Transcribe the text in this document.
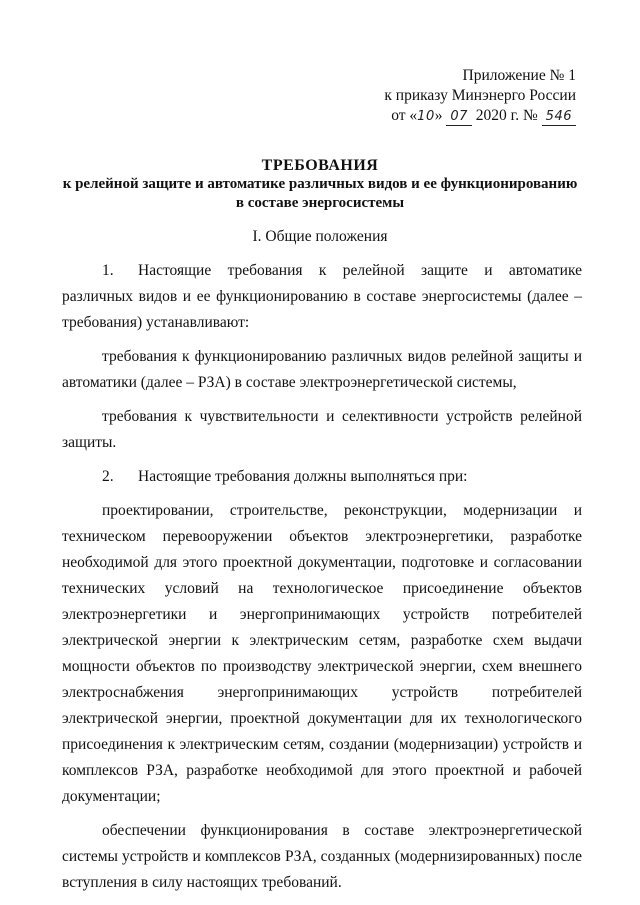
Приложение № 1
к приказу Минэнерго России
от «10» 07 2020 г. № 546
ТРЕБОВАНИЯ
к релейной защите и автоматике различных видов и ее функционированию
в составе энергосистемы
I. Общие положения

1. Настоящие требования к релейной защите и автоматике различных видов и ее функционированию в составе энергосистемы (далее – требования) устанавливают:

требования к функционированию различных видов релейной защиты и автоматики (далее – РЗА) в составе электроэнергетической системы,

требования к чувствительности и селективности устройств релейной защиты.

2. Настоящие требования должны выполняться при:

проектировании, строительстве, реконструкции, модернизации и техническом перевооружении объектов электроэнергетики, разработке необходимой для этого проектной документации, подготовке и согласовании технических условий на технологическое присоединение объектов электроэнергетики и энергопринимающих устройств потребителей электрической энергии к электрическим сетям, разработке схем выдачи мощности объектов по производству электрической энергии, схем внешнего электроснабжения энергопринимающих устройств потребителей электрической энергии, проектной документации для их технологического присоединения к электрическим сетям, создании (модернизации) устройств и комплексов РЗА, разработке необходимой для этого проектной и рабочей документации;

обеспечении функционирования в составе электроэнергетической системы устройств и комплексов РЗА, созданных (модернизированных) после вступления в силу настоящих требований.
